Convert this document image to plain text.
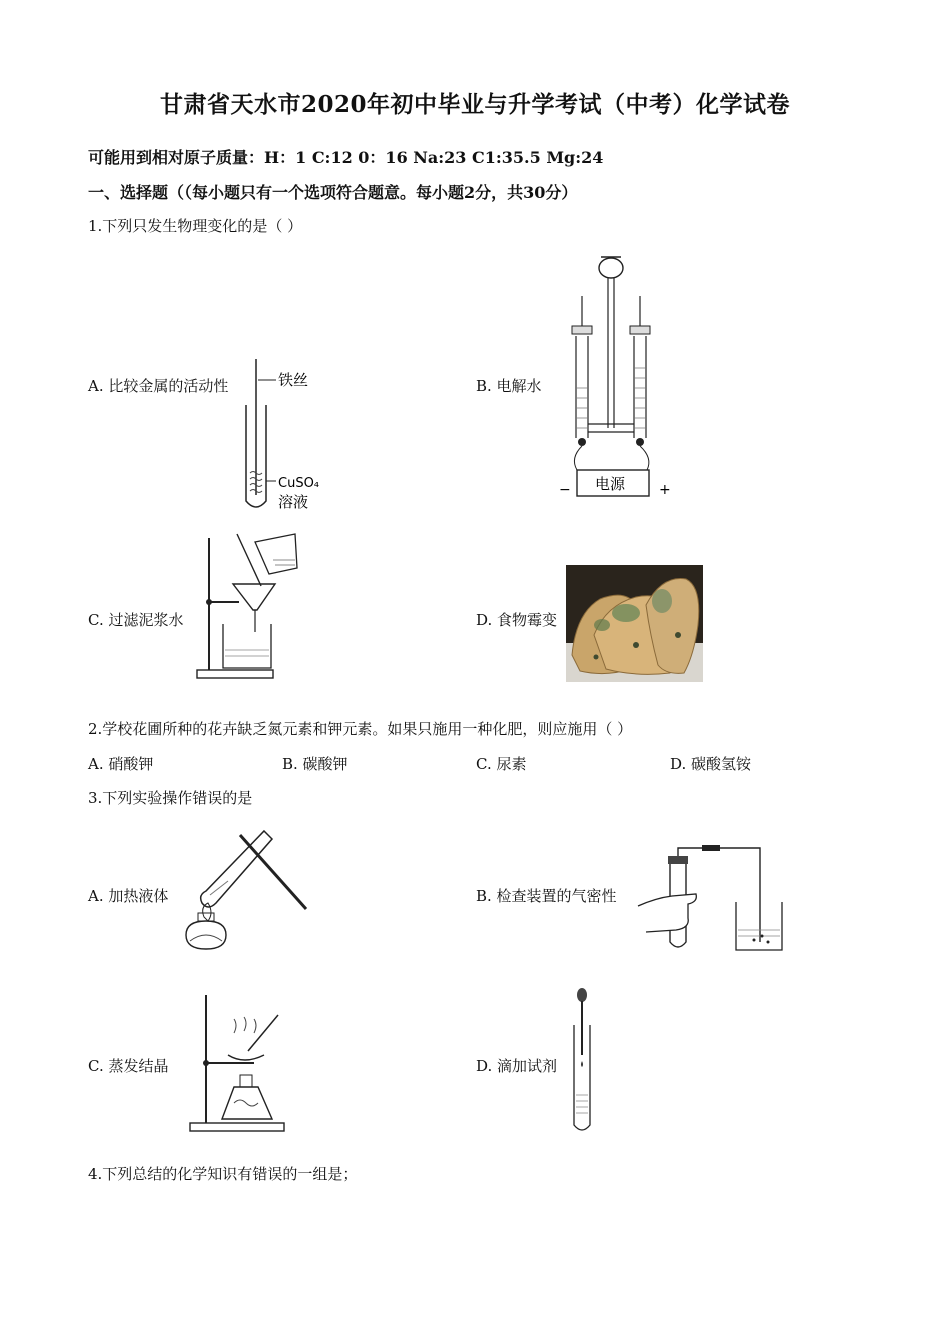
甘肃省天水市2020年初中毕业与升学考试（中考）化学试卷
可能用到相对原子质量：H：1 C:12 0：16 Na:23 C1:35.5 Mg:24
一、选择题（（每小题只有一个选项符合题意。每小题2分，共30分）
1.下列只发生物理变化的是（ ）
A. 比较金属的活动性	铁丝
CuSO₄
溶液
B. 电解水
电源
−	+
C. 过滤泥浆水	D. 食物霉变
2.学校花圃所种的花卉缺乏氮元素和钾元素。如果只施用一种化肥，则应施用（ ）
A. 硝酸钾	B. 碳酸钾	C. 尿素	D. 碳酸氢铵
3.下列实验操作错误的是
A. 加热液体	B. 检查装置的气密性
C. 蒸发结晶	D. 滴加试剂
4.下列总结的化学知识有错误的一组是；
